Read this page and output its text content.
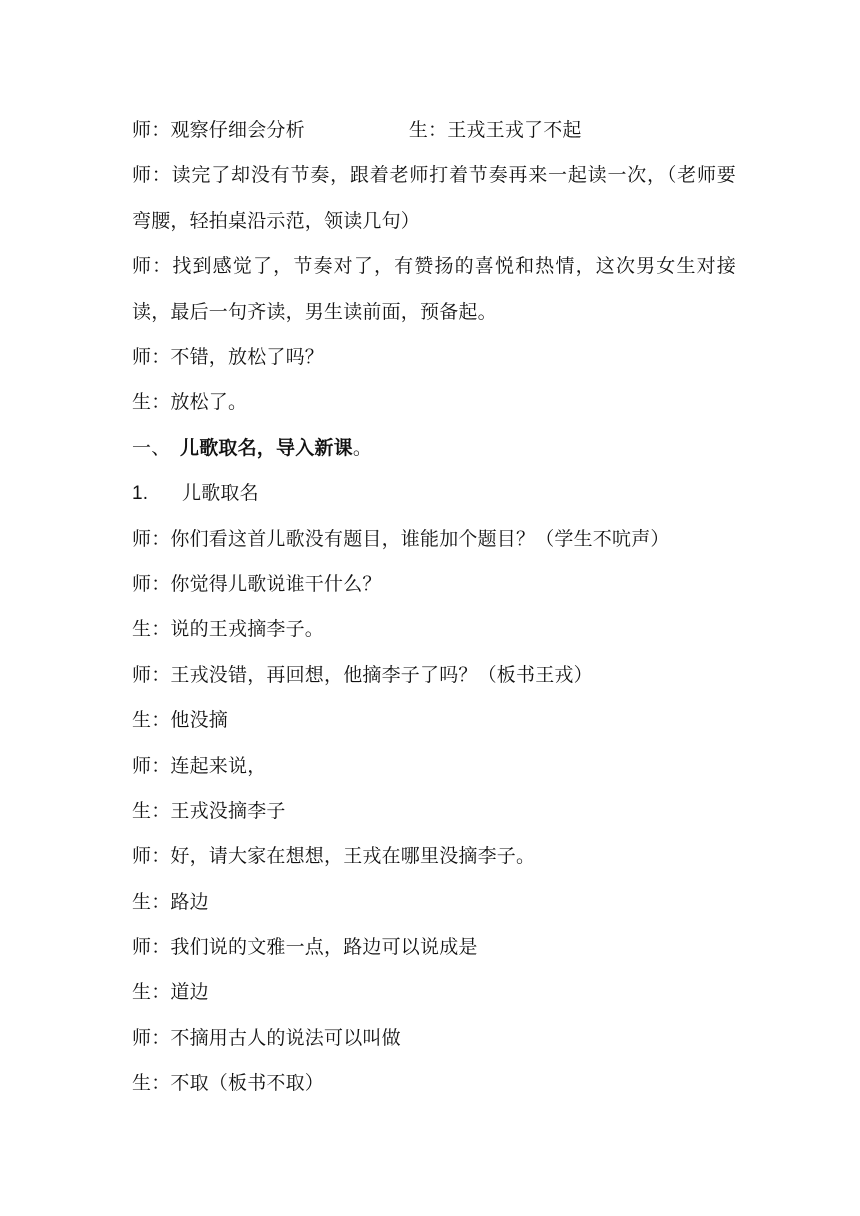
师：观察仔细会分析	生：王戎王戎了不起
师：读完了却没有节奏，跟着老师打着节奏再来一起读一次，（老师要弯腰，轻拍桌沿示范，领读几句）
师：找到感觉了，节奏对了，有赞扬的喜悦和热情，这次男女生对接读，最后一句齐读，男生读前面，预备起。
师：不错，放松了吗？
生：放松了。
一、 儿歌取名，导入新课。
1. 儿歌取名
师：你们看这首儿歌没有题目，谁能加个题目？（学生不吭声）
师：你觉得儿歌说谁干什么？
生：说的王戎摘李子。
师：王戎没错，再回想，他摘李子了吗？（板书王戎）
生：他没摘
师：连起来说，
生：王戎没摘李子
师：好，请大家在想想，王戎在哪里没摘李子。
生：路边
师：我们说的文雅一点，路边可以说成是
生：道边
师：不摘用古人的说法可以叫做
生：不取（板书不取）
